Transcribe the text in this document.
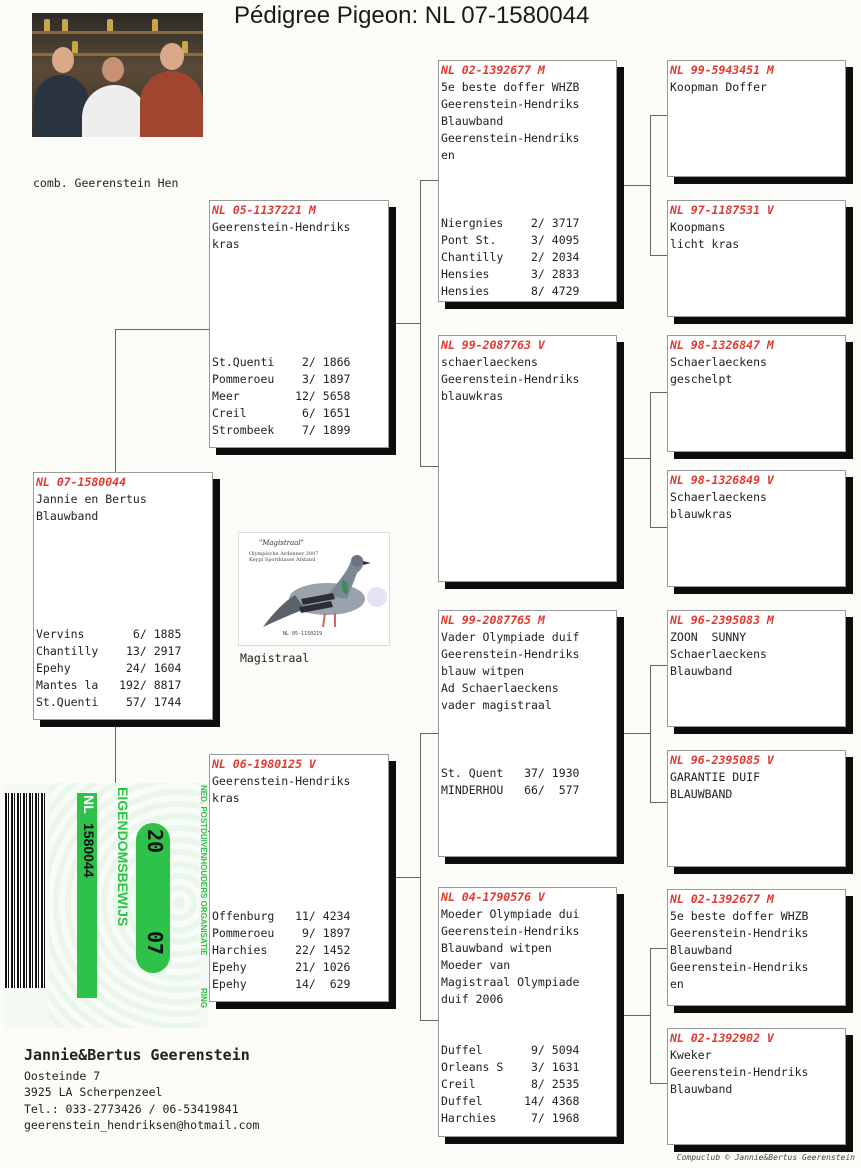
Pédigree Pigeon: NL 07-1580044
comb. Geerenstein Hen
NL 07-1580044
Jannie en Bertus
Blauwband
Vervins       6/ 1885
Chantilly    13/ 2917
Epehy        24/ 1604
Mantes la   192/ 8817
St.Quenti    57/ 1744
NL 05-1137221 M
Geerenstein-Hendriks
kras
St.Quenti    2/ 1866
Pommeroeu    3/ 1897
Meer        12/ 5658
Creil        6/ 1651
Strombeek    7/ 1899
NL 06-1980125 V
Geerenstein-Hendriks
kras
Offenburg   11/ 4234
Pommeroeu    9/ 1897
Harchies    22/ 1452
Epehy       21/ 1026
Epehy       14/  629
NL 02-1392677 M
5e beste doffer WHZB
Geerenstein-Hendriks
Blauwband
Geerenstein-Hendriks
en
Niergnies    2/ 3717
Pont St.     3/ 4095
Chantilly    2/ 2034
Hensies      3/ 2833
Hensies      8/ 4729
NL 99-2087763 V
schaerlaeckens
Geerenstein-Hendriks
blauwkras
NL 99-2087765 M
Vader Olympiade duif
Geerenstein-Hendriks
blauw witpen
Ad Schaerlaeckens
vader magistraal
St. Quent   37/ 1930
MINDERHOU   66/  577
NL 04-1790576 V
Moeder Olympiade dui
Geerenstein-Hendriks
Blauwband witpen
Moeder van
Magistraal Olympiade
duif 2006
Duffel       9/ 5094
Orleans S    3/ 1631
Creil        8/ 2535
Duffel      14/ 4368
Harchies     7/ 1968
NL 99-5943451 M
Koopman Doffer
NL 97-1187531 V
Koopmans
licht kras
NL 98-1326847 M
Schaerlaeckens
geschelpt
NL 98-1326849 V
Schaerlaeckens
blauwkras
NL 96-2395083 M
ZOON  SUNNY
Schaerlaeckens
Blauwband
NL 96-2395085 V
GARANTIE DUIF
BLAUWBAND
NL 02-1392677 M
5e beste doffer WHZB
Geerenstein-Hendriks
Blauwband
Geerenstein-Hendriks
en
NL 02-1392902 V
Kweker
Geerenstein-Hendriks
Blauwband
"Magistraal"
Olympische Ardenner 2007
Keypl Sportklasse Afstand
NL 05-1150219
Magistraal
NL
1580044 EIGENDOMSBEWIJS	NED. POSTDUIVENHOUDERS ORGANISATIE
RING
20
07
Jannie&Bertus Geerenstein
Oosteinde 7
3925 LA Scherpenzeel
Tel.: 033-2773426 / 06-53419841
geerenstein_hendriksen@hotmail.com
Compuclub © Jannie&Bertus Geerenstein
